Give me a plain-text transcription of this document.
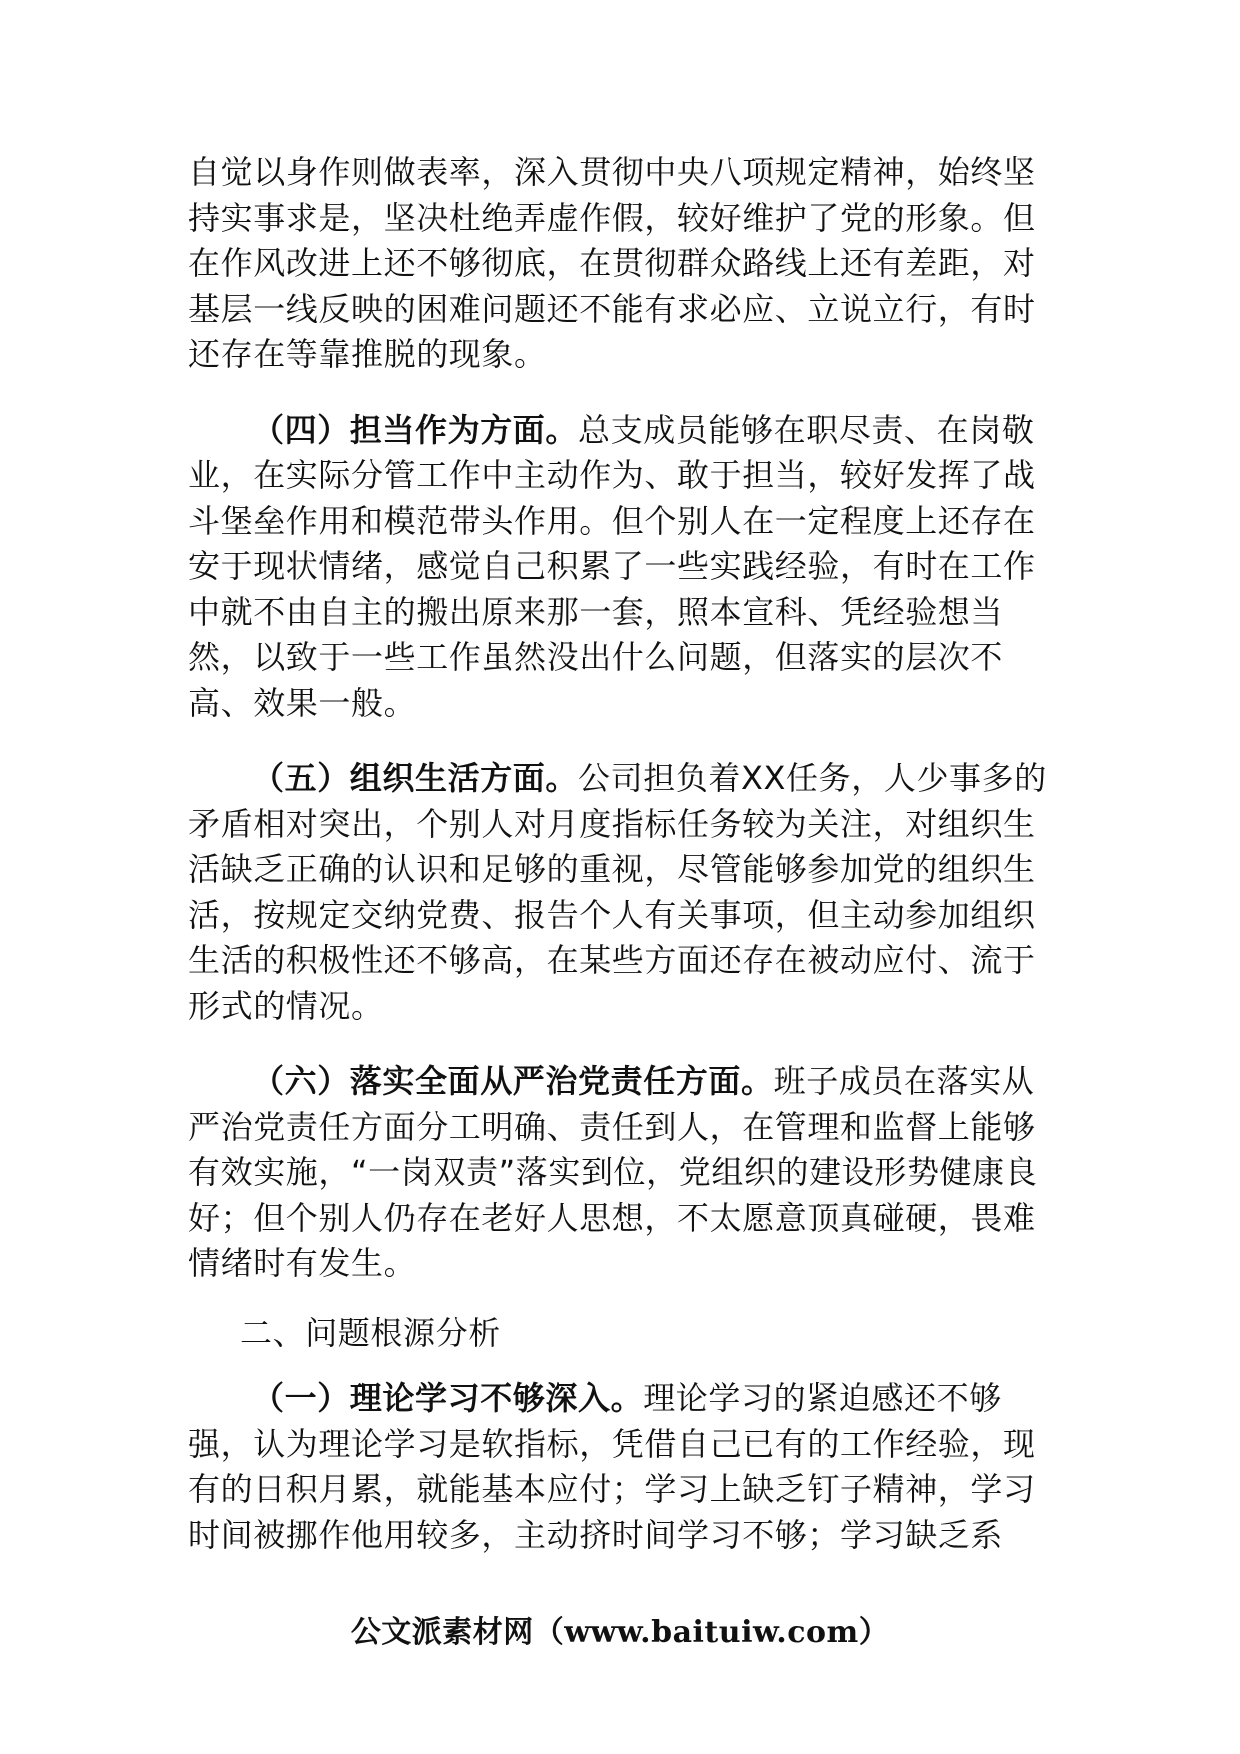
自觉以身作则做表率，深入贯彻中央八项规定精神，始终坚持实事求是，坚决杜绝弄虚作假，较好维护了党的形象。但在作风改进上还不够彻底，在贯彻群众路线上还有差距，对基层一线反映的困难问题还不能有求必应、立说立行，有时还存在等靠推脱的现象。

（四）担当作为方面。总支成员能够在职尽责、在岗敬业，在实际分管工作中主动作为、敢于担当，较好发挥了战斗堡垒作用和模范带头作用。但个别人在一定程度上还存在安于现状情绪，感觉自己积累了一些实践经验，有时在工作中就不由自主的搬出原来那一套，照本宣科、凭经验想当然，以致于一些工作虽然没出什么问题，但落实的层次不高、效果一般。

（五）组织生活方面。公司担负着XX任务，人少事多的矛盾相对突出，个别人对月度指标任务较为关注，对组织生活缺乏正确的认识和足够的重视，尽管能够参加党的组织生活，按规定交纳党费、报告个人有关事项，但主动参加组织生活的积极性还不够高，在某些方面还存在被动应付、流于形式的情况。

（六）落实全面从严治党责任方面。班子成员在落实从严治党责任方面分工明确、责任到人，在管理和监督上能够有效实施，“一岗双责”落实到位，党组织的建设形势健康良好；但个别人仍存在老好人思想，不太愿意顶真碰硬，畏难情绪时有发生。

二、问题根源分析

（一）理论学习不够深入。理论学习的紧迫感还不够强，认为理论学习是软指标，凭借自己已有的工作经验，现有的日积月累，就能基本应付；学习上缺乏钉子精神，学习时间被挪作他用较多，主动挤时间学习不够；学习缺乏系

公文派素材网（www.baituiw.com）
